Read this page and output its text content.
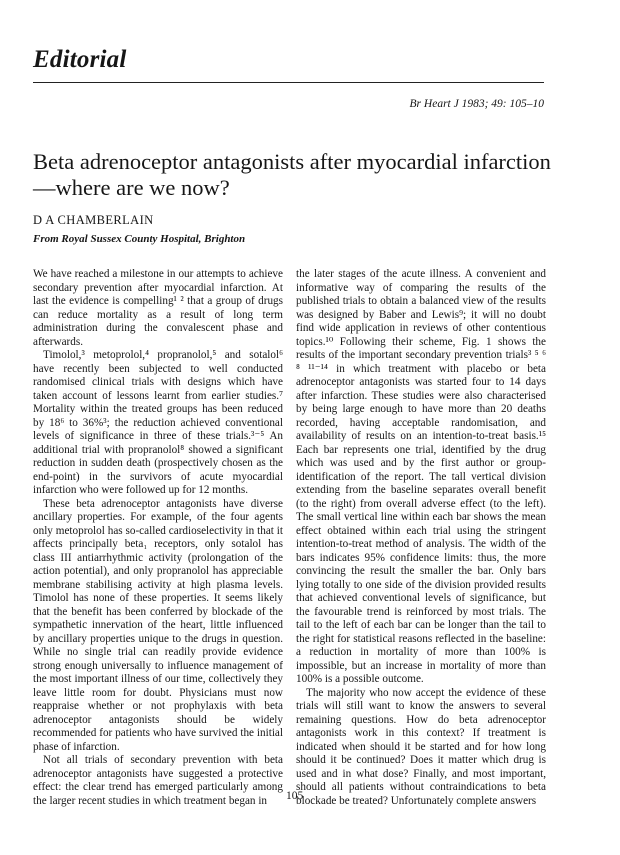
Editorial
Br Heart J 1983; 49: 105–10
Beta adrenoceptor antagonists after myocardial infarction—where are we now?
D A CHAMBERLAIN
From Royal Sussex County Hospital, Brighton

We have reached a milestone in our attempts to achieve secondary prevention after myocardial infarction. At last the evidence is compelling¹ ² that a group of drugs can reduce mortality as a result of long term administration during the convalescent phase and afterwards.

Timolol,³ metoprolol,⁴ propranolol,⁵ and sotalol⁶ have recently been subjected to well conducted randomised clinical trials with designs which have taken account of lessons learnt from earlier studies.⁷ Mortality within the treated groups has been reduced by 18⁶ to 36%³; the reduction achieved conventional levels of significance in three of these trials.³⁻⁵ An additional trial with propranolol⁸ showed a significant reduction in sudden death (prospectively chosen as the end-point) in the survivors of acute myocardial infarction who were followed up for 12 months.

These beta adrenoceptor antagonists have diverse ancillary properties. For example, of the four agents only metoprolol has so-called cardioselectivity in that it affects principally beta₁ receptors, only sotalol has class III antiarrhythmic activity (prolongation of the action potential), and only propranolol has appreciable membrane stabilising activity at high plasma levels. Timolol has none of these properties. It seems likely that the benefit has been conferred by blockade of the sympathetic innervation of the heart, little influenced by ancillary properties unique to the drugs in question. While no single trial can readily provide evidence strong enough universally to influence management of the most important illness of our time, collectively they leave little room for doubt. Physicians must now reappraise whether or not prophylaxis with beta adrenoceptor antagonists should be widely recommended for patients who have survived the initial phase of infarction.

Not all trials of secondary prevention with beta adrenoceptor antagonists have suggested a protective effect: the clear trend has emerged particularly among the larger recent studies in which treatment began in

the later stages of the acute illness. A convenient and informative way of comparing the results of the published trials to obtain a balanced view of the results was designed by Baber and Lewis⁹; it will no doubt find wide application in reviews of other contentious topics.¹⁰ Following their scheme, Fig. 1 shows the results of the important secondary prevention trials³ ⁵ ⁶ ⁸ ¹¹⁻¹⁴ in which treatment with placebo or beta adrenoceptor antagonists was started four to 14 days after infarction. These studies were also characterised by being large enough to have more than 20 deaths recorded, having acceptable randomisation, and availability of results on an intention-to-treat basis.¹⁵ Each bar represents one trial, identified by the drug which was used and by the first author or group-identification of the report. The tall vertical division extending from the baseline separates overall benefit (to the right) from overall adverse effect (to the left). The small vertical line within each bar shows the mean effect obtained within each trial using the stringent intention-to-treat method of analysis. The width of the bars indicates 95% confidence limits: thus, the more convincing the result the smaller the bar. Only bars lying totally to one side of the division provided results that achieved conventional levels of significance, but the favourable trend is reinforced by most trials. The tail to the left of each bar can be longer than the tail to the right for statistical reasons reflected in the baseline: a reduction in mortality of more than 100% is impossible, but an increase in mortality of more than 100% is a possible outcome.

The majority who now accept the evidence of these trials will still want to know the answers to several remaining questions. How do beta adrenoceptor antagonists work in this context? If treatment is indicated when should it be started and for how long should it be continued? Does it matter which drug is used and in what dose? Finally, and most important, should all patients without contraindications to beta blockade be treated? Unfortunately complete answers

105
